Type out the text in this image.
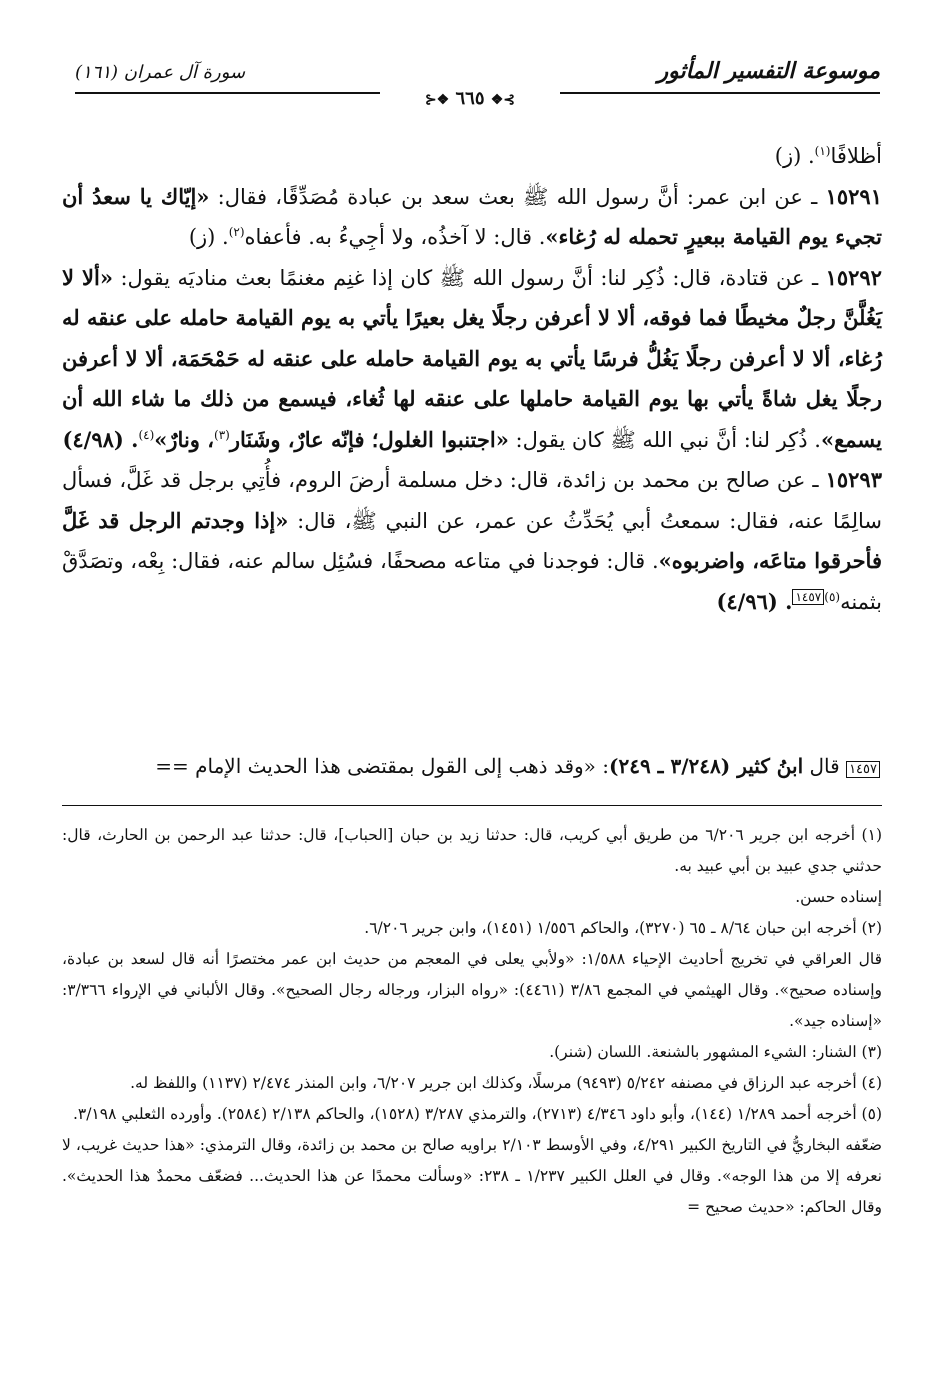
موسوعة التفسير المأثور
سورة آل عمران (١٦١)
⊱❖ ٦٦٥ ❖⊰

أظلافًا$^{(١)}$. (ز)

١٥٢٩١ ـ عن ابن عمر: أنَّ رسول الله ﷺ بعث سعد بن عبادة مُصَدِّقًا، فقال: «إيّاك يا سعدُ أن تجيء يوم القيامة ببعيرٍ تحمله له رُغاء». قال: لا آخذُه، ولا أجِيءُ به. فأعفاه$^{(٢)}$. (ز)

١٥٢٩٢ ـ عن قتادة، قال: ذُكِر لنا: أنَّ رسول الله ﷺ كان إذا غنِم مغنمًا بعث مناديَه يقول: «ألا لا يَغُلَّنَّ رجلٌ مخيطًا فما فوقه، ألا لا أعرفن رجلًا يغل بعيرًا يأتي به يوم القيامة حامله على عنقه له رُغاء، ألا لا أعرفن رجلًا يَغُلُّ فرسًا يأتي به يوم القيامة حامله على عنقه له حَمْحَمَة، ألا لا أعرفن رجلًا يغل شاةً يأتي بها يوم القيامة حاملها على عنقه لها ثُغاء، فيسمع من ذلك ما شاء الله أن يسمع». ذُكِر لنا: أنَّ نبي الله ﷺ كان يقول: «اجتنبوا الغلول؛ فإنّه عارٌ، وشَنَار$^{(٣)}$، ونارٌ»$^{(٤)}$. (٤/٩٨)

١٥٢٩٣ ـ عن صالح بن محمد بن زائدة، قال: دخل مسلمة أرضَ الروم، فأُتِي برجل قد غَلَّ، فسأل سالِمًا عنه، فقال: سمعتُ أبي يُحَدِّثُ عن عمر، عن النبي ﷺ، قال: «إذا وجدتم الرجل قد غَلَّ فأحرقوا متاعَه، واضربوه». قال: فوجدنا في متاعه مصحفًا، فسُئِل سالم عنه، فقال: بِعْه، وتصَدَّقْ بثمنه$^{(٥)١٤٥٧}$. (٤/٩٦)

١٤٥٧ قال ابنُ كثير (٣/٢٤٨ ـ ٢٤٩): «وقد ذهب إلى القول بمقتضى هذا الحديث الإمام ==

(١) أخرجه ابن جرير ٦/٢٠٦ من طريق أبي كريب، قال: حدثنا زيد بن حبان [الحباب]، قال: حدثنا عبد الرحمن بن الحارث، قال: حدثني جدي عبيد بن أبي عبيد به.

إسناده حسن.

(٢) أخرجه ابن حبان ٨/٦٤ ـ ٦٥ (٣٢٧٠)، والحاكم ١/٥٥٦ (١٤٥١)، وابن جرير ٦/٢٠٦.

قال العراقي في تخريج أحاديث الإحياء ١/٥٨٨: «ولأبي يعلى في المعجم من حديث ابن عمر مختصرًا أنه قال لسعد بن عبادة، وإسناده صحيح». وقال الهيثمي في المجمع ٣/٨٦ (٤٤٦١): «رواه البزار، ورجاله رجال الصحيح». وقال الألباني في الإرواء ٣/٣٦٦: «إسناده جيد».

(٣) الشنار: الشيء المشهور بالشنعة. اللسان (شنر).

(٤) أخرجه عبد الرزاق في مصنفه ٥/٢٤٢ (٩٤٩٣) مرسلًا، وكذلك ابن جرير ٦/٢٠٧، وابن المنذر ٢/٤٧٤ (١١٣٧) واللفظ له.

(٥) أخرجه أحمد ١/٢٨٩ (١٤٤)، وأبو داود ٤/٣٤٦ (٢٧١٣)، والترمذي ٣/٢٨٧ (١٥٢٨)، والحاكم ٢/١٣٨ (٢٥٨٤). وأورده الثعلبي ٣/١٩٨.

ضعّفه البخاريُّ في التاريخ الكبير ٤/٢٩١، وفي الأوسط ٢/١٠٣ براويه صالح بن محمد بن زائدة، وقال الترمذي: «هذا حديث غريب، لا نعرفه إلا من هذا الوجه». وقال في العلل الكبير ١/٢٣٧ ـ ٢٣٨: «وسألت محمدًا عن هذا الحديث... فضعّف محمدٌ هذا الحديث». وقال الحاكم: «حديث صحيح =
